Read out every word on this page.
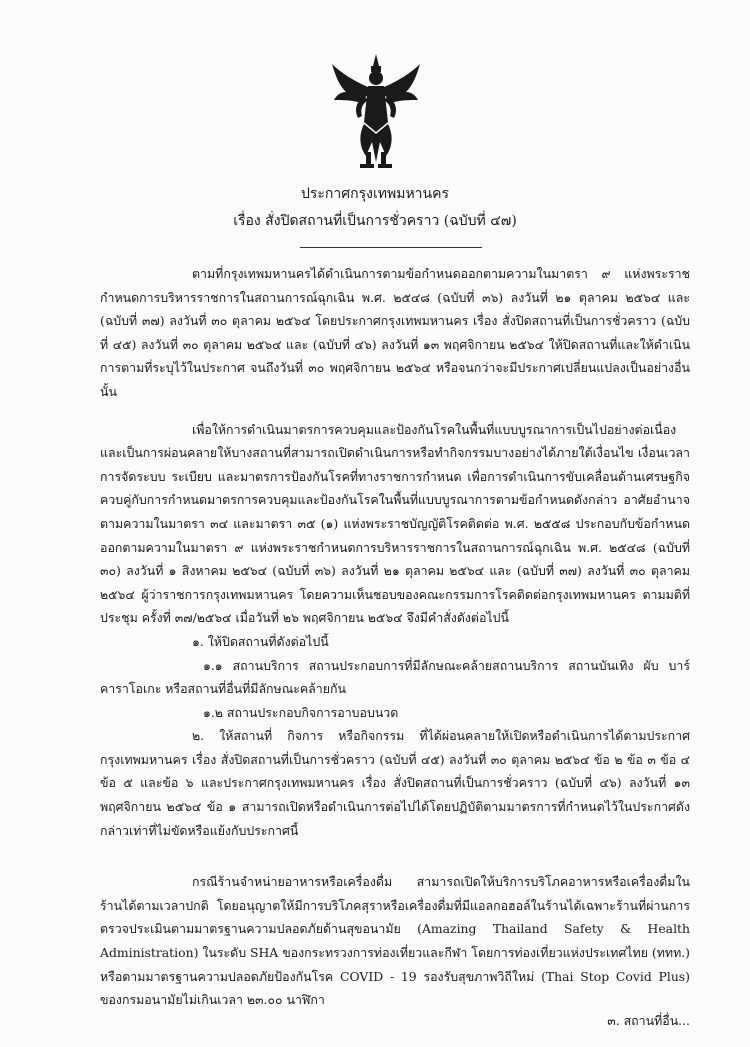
ประกาศกรุงเทพมหานคร
เรื่อง สั่งปิดสถานที่เป็นการชั่วคราว (ฉบับที่ ๔๗)

ตามที่กรุงเทพมหานครได้ดำเนินการตามข้อกำหนดออกตามความในมาตรา ๙ แห่งพระราชกำหนดการบริหารราชการในสถานการณ์ฉุกเฉิน พ.ศ. ๒๕๔๘ (ฉบับที่ ๓๖) ลงวันที่ ๒๑ ตุลาคม ๒๕๖๔ และ (ฉบับที่ ๓๗) ลงวันที่ ๓๐ ตุลาคม ๒๕๖๔ โดยประกาศกรุงเทพมหานคร เรื่อง สั่งปิดสถานที่เป็นการชั่วคราว (ฉบับที่ ๔๕) ลงวันที่ ๓๐ ตุลาคม ๒๕๖๔ และ (ฉบับที่ ๔๖) ลงวันที่ ๑๓ พฤศจิกายน ๒๕๖๔ ให้ปิดสถานที่และให้ดำเนินการตามที่ระบุไว้ในประกาศ จนถึงวันที่ ๓๐ พฤศจิกายน ๒๕๖๔ หรือจนกว่าจะมีประกาศเปลี่ยนแปลงเป็นอย่างอื่น นั้น

เพื่อให้การดำเนินมาตรการควบคุมและป้องกันโรคในพื้นที่แบบบูรณาการเป็นไปอย่างต่อเนื่องและเป็นการผ่อนคลายให้บางสถานที่สามารถเปิดดำเนินการหรือทำกิจกรรมบางอย่างได้ภายใต้เงื่อนไข เงื่อนเวลา การจัดระบบ ระเบียบ และมาตรการป้องกันโรคที่ทางราชการกำหนด เพื่อการดำเนินการขับเคลื่อนด้านเศรษฐกิจควบคู่กับการกำหนดมาตรการควบคุมและป้องกันโรคในพื้นที่แบบบูรณาการตามข้อกำหนดดังกล่าว อาศัยอำนาจตามความในมาตรา ๓๔ และมาตรา ๓๕ (๑) แห่งพระราชบัญญัติโรคติดต่อ พ.ศ. ๒๕๕๘ ประกอบกับข้อกำหนดออกตามความในมาตรา ๙ แห่งพระราชกำหนดการบริหารราชการในสถานการณ์ฉุกเฉิน พ.ศ. ๒๕๔๘ (ฉบับที่ ๓๐) ลงวันที่ ๑ สิงหาคม ๒๕๖๔ (ฉบับที่ ๓๖) ลงวันที่ ๒๑ ตุลาคม ๒๕๖๔ และ (ฉบับที่ ๓๗) ลงวันที่ ๓๐ ตุลาคม ๒๕๖๔ ผู้ว่าราชการกรุงเทพมหานคร โดยความเห็นชอบของคณะกรรมการโรคติดต่อกรุงเทพมหานคร ตามมติที่ประชุม ครั้งที่ ๓๗/๒๕๖๔ เมื่อวันที่ ๒๖ พฤศจิกายน ๒๕๖๔ จึงมีคำสั่งดังต่อไปนี้

๑. ให้ปิดสถานที่ดังต่อไปนี้

๑.๑ สถานบริการ สถานประกอบการที่มีลักษณะคล้ายสถานบริการ สถานบันเทิง ผับ บาร์ คาราโอเกะ หรือสถานที่อื่นที่มีลักษณะคล้ายกัน

๑.๒ สถานประกอบกิจการอาบอบนวด

๒. ให้สถานที่ กิจการ หรือกิจกรรม ที่ได้ผ่อนคลายให้เปิดหรือดำเนินการได้ตามประกาศกรุงเทพมหานคร เรื่อง สั่งปิดสถานที่เป็นการชั่วคราว (ฉบับที่ ๔๕) ลงวันที่ ๓๐ ตุลาคม ๒๕๖๔ ข้อ ๒ ข้อ ๓ ข้อ ๔ ข้อ ๕ และข้อ ๖ และประกาศกรุงเทพมหานคร เรื่อง สั่งปิดสถานที่เป็นการชั่วคราว (ฉบับที่ ๔๖) ลงวันที่ ๑๓ พฤศจิกายน ๒๕๖๔ ข้อ ๑ สามารถเปิดหรือดำเนินการต่อไปได้โดยปฏิบัติตามมาตรการที่กำหนดไว้ในประกาศดังกล่าวเท่าที่ไม่ขัดหรือแย้งกับประกาศนี้

กรณีร้านจำหน่ายอาหารหรือเครื่องดื่ม สามารถเปิดให้บริการบริโภคอาหารหรือเครื่องดื่มในร้านได้ตามเวลาปกติ โดยอนุญาตให้มีการบริโภคสุราหรือเครื่องดื่มที่มีแอลกอฮอล์ในร้านได้เฉพาะร้านที่ผ่านการตรวจประเมินตามมาตรฐานความปลอดภัยด้านสุขอนามัย (Amazing Thailand Safety & Health Administration) ในระดับ SHA ของกระทรวงการท่องเที่ยวและกีฬา โดยการท่องเที่ยวแห่งประเทศไทย (ททท.) หรือตามมาตรฐานความปลอดภัยป้องกันโรค COVID - 19 รองรับสุขภาพวิถีใหม่ (Thai Stop Covid Plus) ของกรมอนามัยไม่เกินเวลา ๒๓.๐๐ นาฬิกา

๓. สถานที่อื่น...
